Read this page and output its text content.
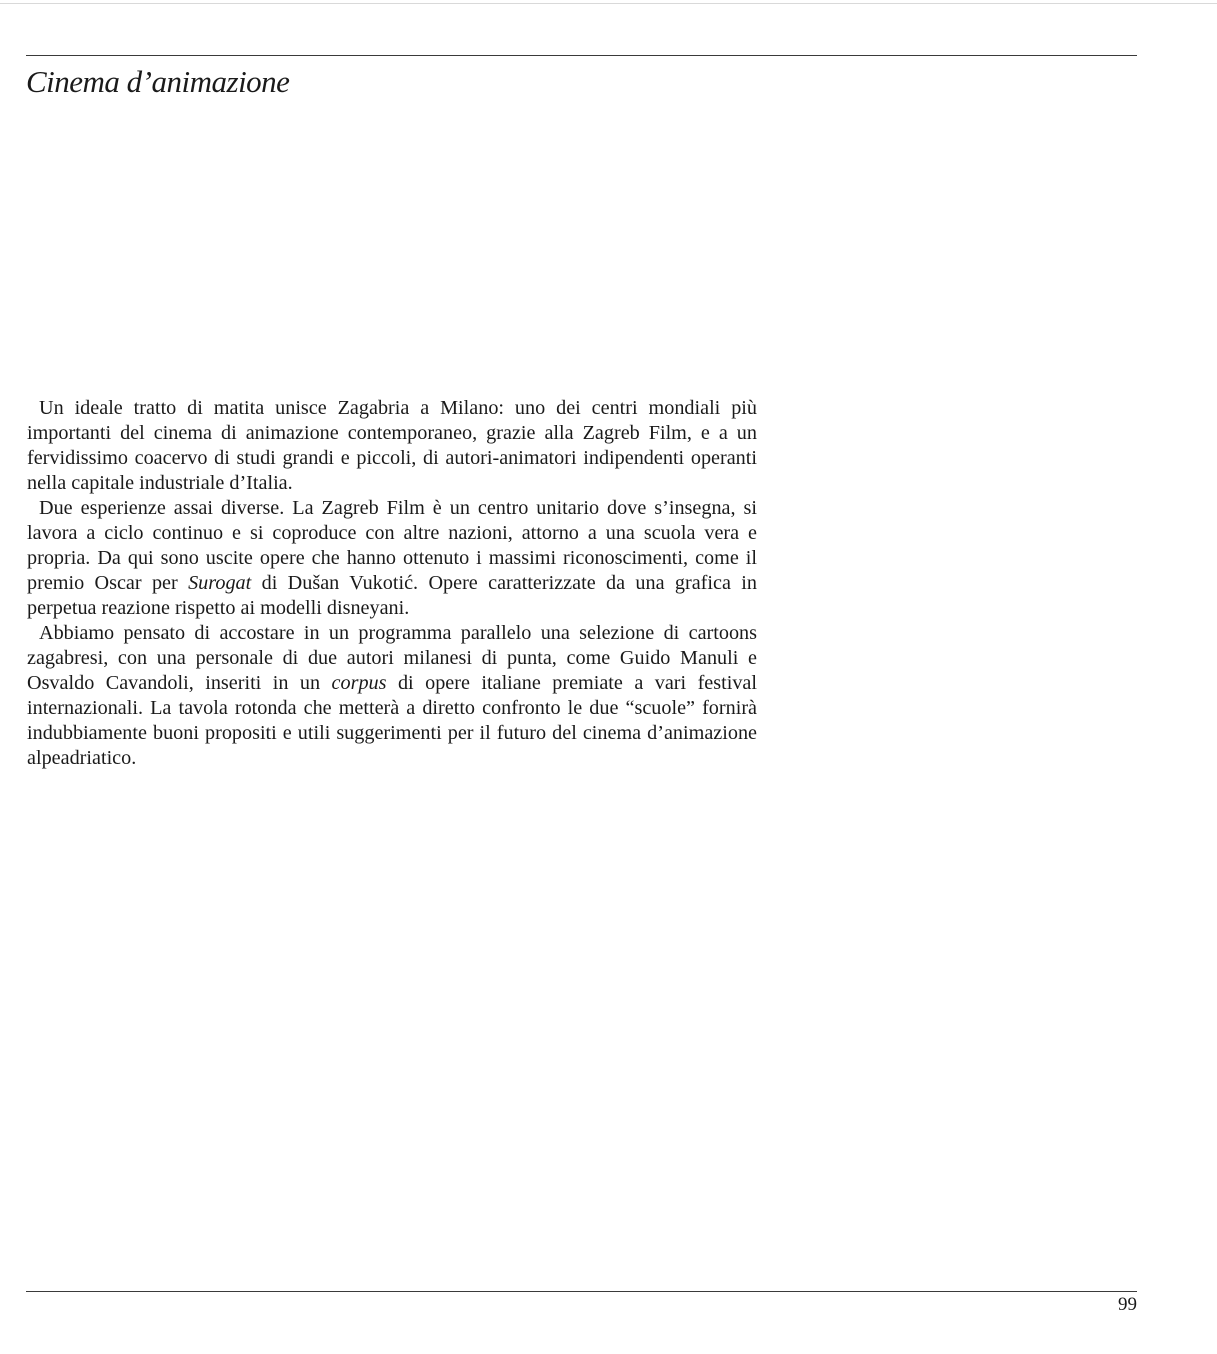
Cinema d’animazione

Un ideale tratto di matita unisce Zagabria a Milano: uno dei centri mondiali più importanti del cinema di animazione contemporaneo, grazie alla Zagreb Film, e a un fervidissimo coacervo di studi grandi e piccoli, di autori-animatori indipendenti operanti nella capitale industriale d’Italia.

Due esperienze assai diverse. La Zagreb Film è un centro unitario dove s’insegna, si lavora a ciclo continuo e si coproduce con altre nazioni, attorno a una scuola vera e propria. Da qui sono uscite opere che hanno ottenuto i massimi riconoscimenti, come il premio Oscar per Surogat di Dušan Vukotić. Opere caratterizzate da una grafica in perpetua reazione rispetto ai modelli disneyani.

Abbiamo pensato di accostare in un programma parallelo una selezione di cartoons zagabresi, con una personale di due autori milanesi di punta, come Guido Manuli e Osvaldo Cavandoli, inseriti in un corpus di opere italiane premiate a vari festival internazionali. La tavola rotonda che metterà a diretto confronto le due “scuole” fornirà indubbiamente buoni propositi e utili suggerimenti per il futuro del cinema d’animazione alpeadriatico.

99
